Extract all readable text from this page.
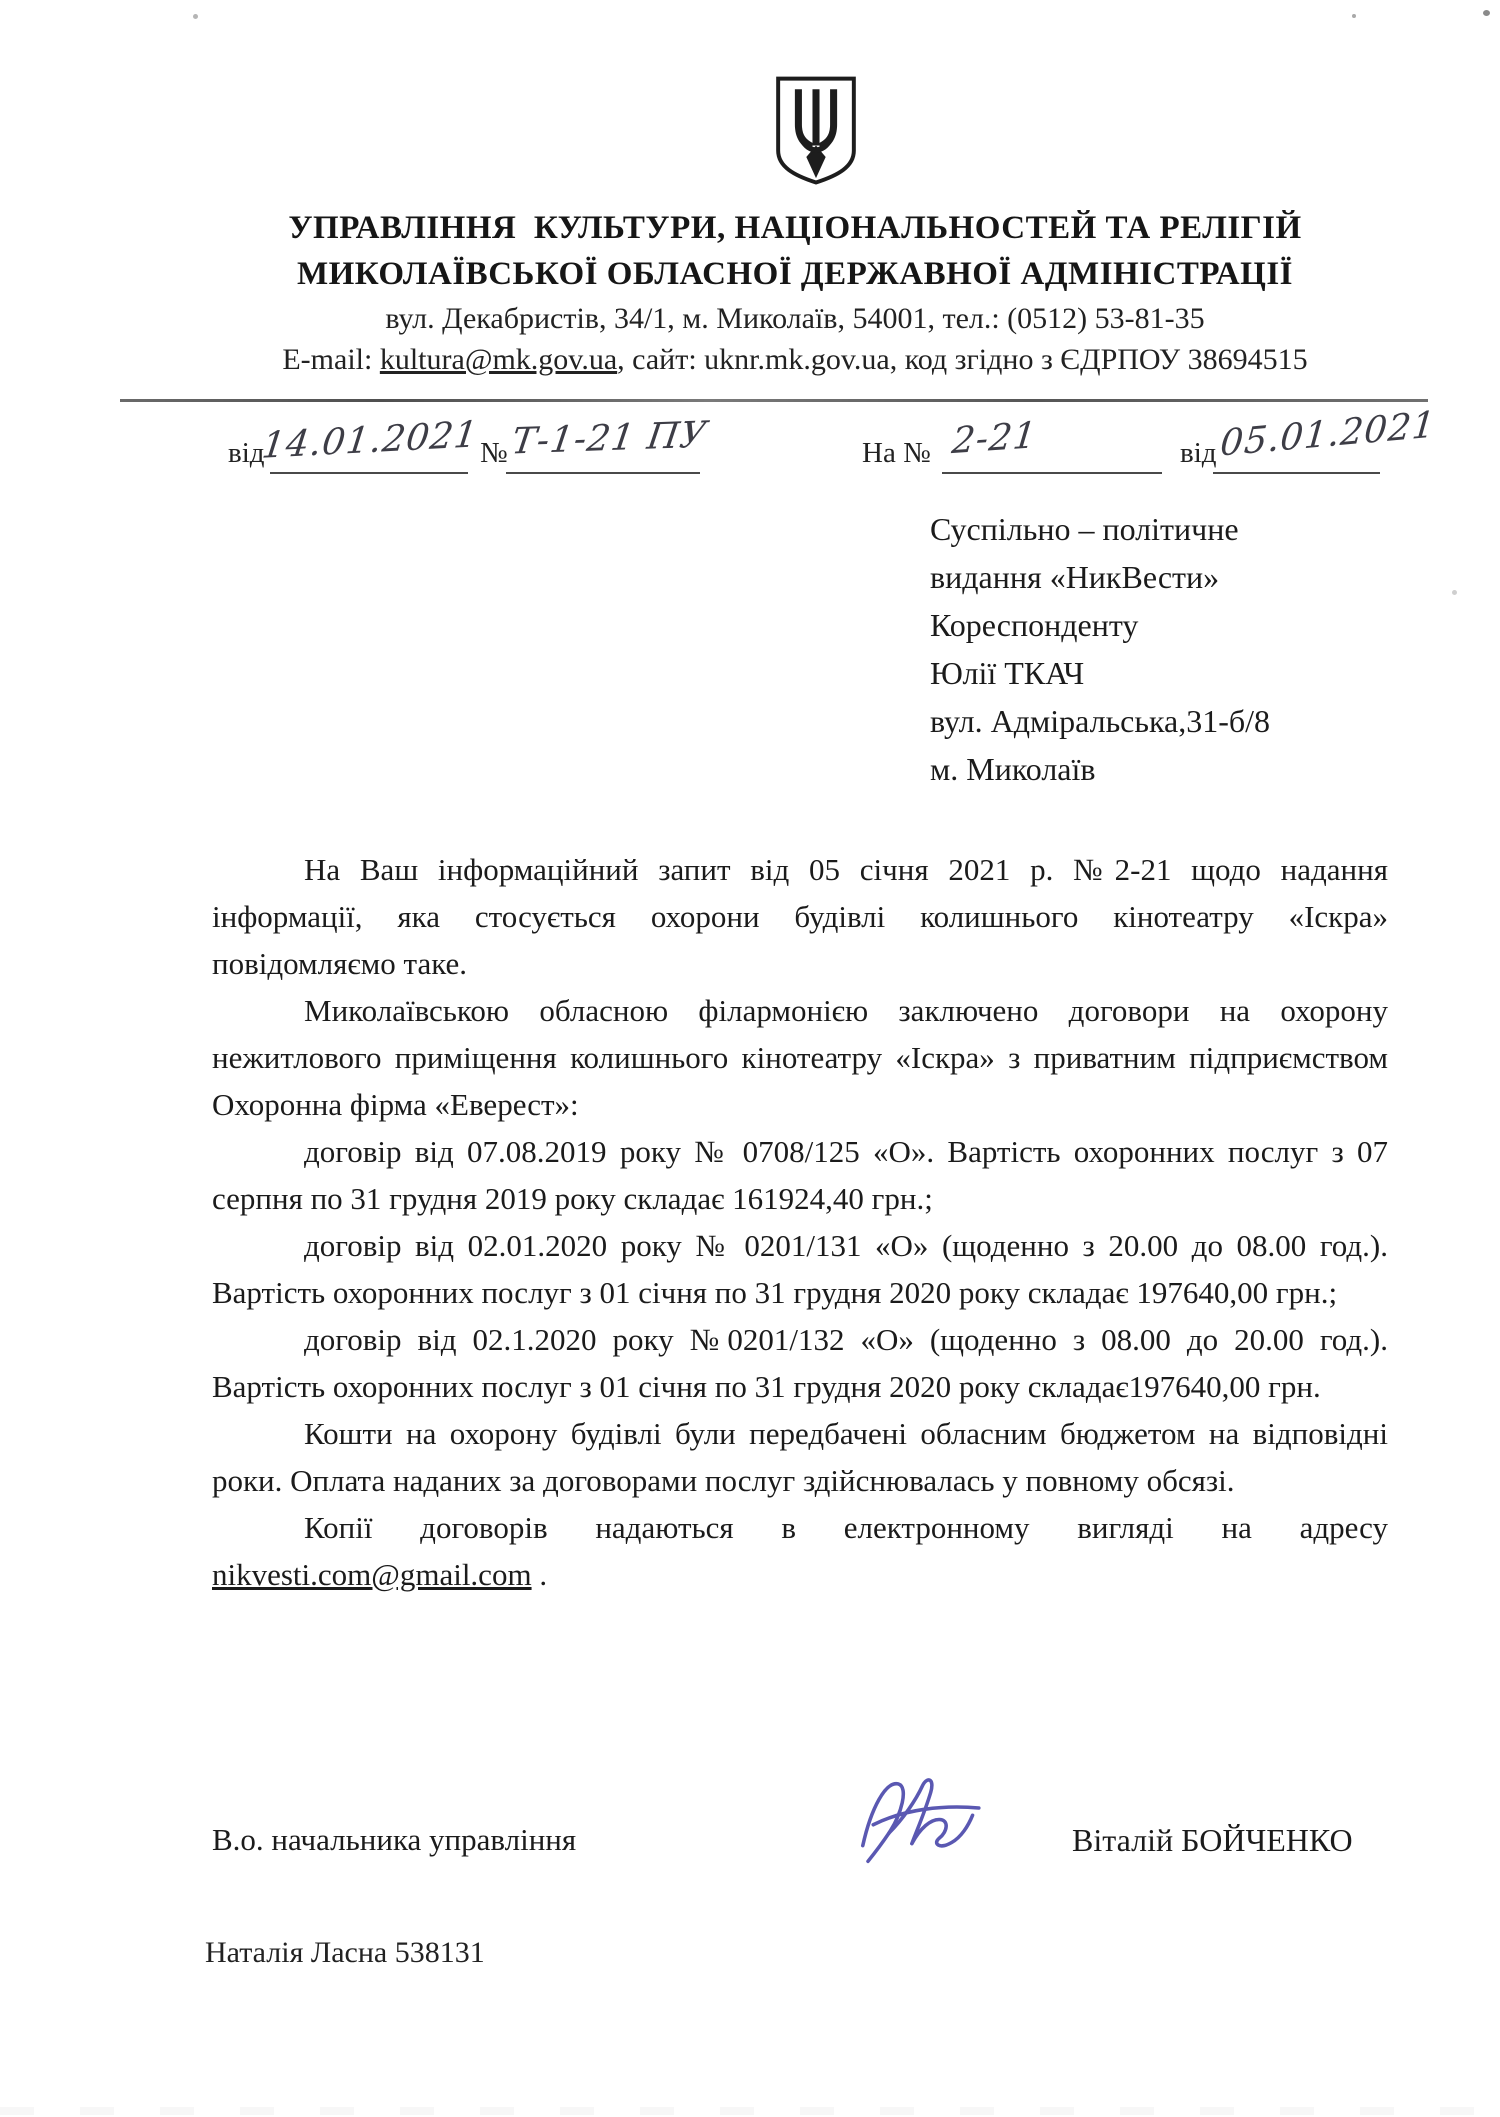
УПРАВЛІННЯ  КУЛЬТУРИ, НАЦІОНАЛЬНОСТЕЙ ТА РЕЛІГІЙ
МИКОЛАЇВСЬКОЇ ОБЛАСНОЇ ДЕРЖАВНОЇ АДМІНІСТРАЦІЇ
вул. Декабристів, 34/1, м. Миколаїв, 54001, тел.: (0512) 53-81-35
E-mail: kultura@mk.gov.ua, сайт: uknr.mk.gov.ua, код згідно з ЄДРПОУ 38694515
від
14.01.2021 № Т-1-21 ПУ	На № 2-21	від 05.01.2021
Суспільно – політичне
видання «НикВести»
Кореспонденту
Юлії ТКАЧ
вул. Адміральська,31-б/8
м. Миколаїв

На Ваш інформаційний запит від 05 січня 2021 р. №2-21 щодо надання інформації, яка стосується охорони будівлі колишнього кінотеатру «Іскра» повідомляємо таке.

Миколаївською обласною філармонією заключено договори на охорону нежитлового приміщення колишнього кінотеатру «Іскра» з приватним підприємством Охоронна фірма «Еверест»:

договір від 07.08.2019 року № 0708/125 «О». Вартість охоронних послуг з 07 серпня по 31 грудня 2019 року складає 161924,40 грн.;

договір від 02.01.2020 року № 0201/131 «О» (щоденно з 20.00 до 08.00 год.). Вартість охоронних послуг з 01 січня по 31 грудня 2020 року складає 197640,00 грн.;

договір від 02.1.2020 року №0201/132 «О» (щоденно з 08.00 до 20.00 год.). Вартість охоронних послуг з 01 січня по 31 грудня 2020 року складає197640,00 грн.

Кошти на охорону будівлі були передбачені обласним бюджетом на відповідні роки. Оплата наданих за договорами послуг здійснювалась у повному обсязі.

Копії договорів надаються в електронному вигляді на адресу nikvesti.com@gmail.com .

В.о. начальника управління	Віталій БОЙЧЕНКО
Наталія Ласна 538131
